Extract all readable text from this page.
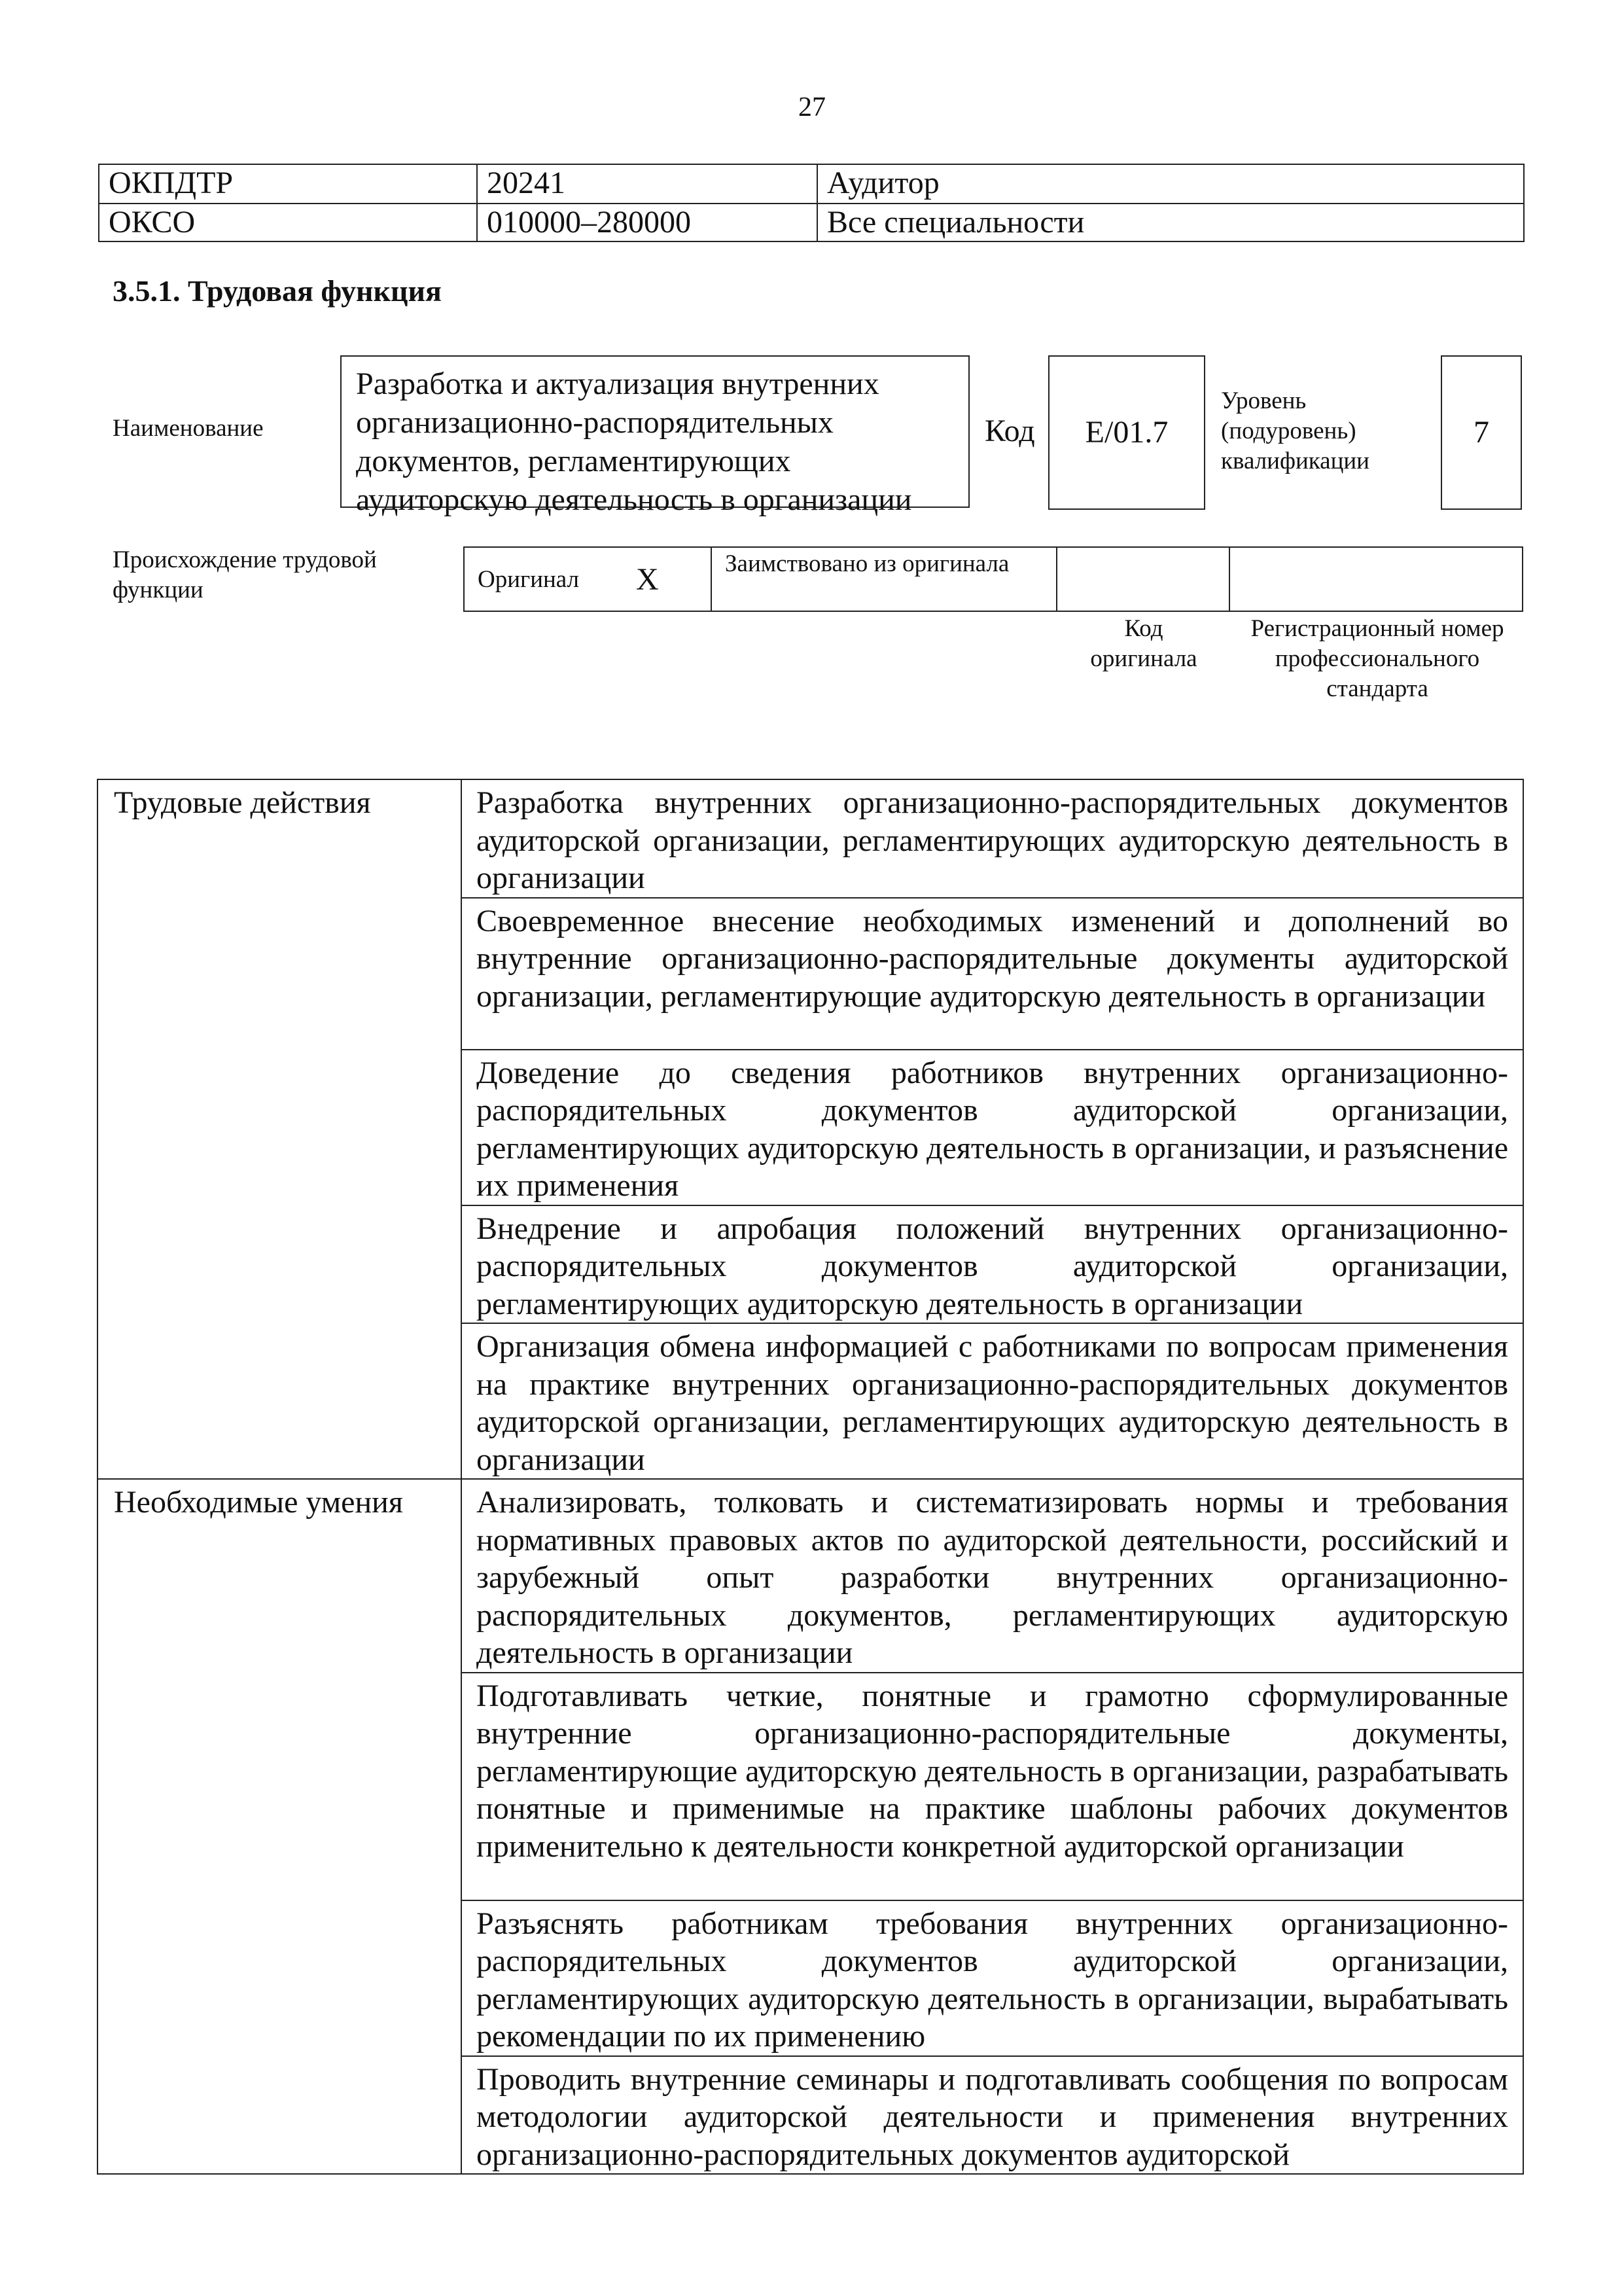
27
ОКПДТР	20241	Аудитор
ОКСО	010000–280000	Все специальности
3.5.1. Трудовая функция
Наименование
Разработка и актуализация внутренних организационно-распорядительных документов, регламентирующих аудиторскую деятельность в организации
Код	E/01.7
Уровень (подуровень) квалификации
7
Происхождение трудовой функции	Оригинал X	Заимствовано из оригинала
Код оригинала
Регистрационный номер профессионального стандарта
Трудовые действия	Разработка внутренних организационно-распорядительных документов аудиторской организации, регламентирующих аудиторскую деятельность в организации
	Своевременное внесение необходимых изменений и дополнений во внутренние организационно-распорядительные документы аудиторской организации, регламентирующие аудиторскую деятельность в организации
	Доведение до сведения работников внутренних организационно-распорядительных документов аудиторской организации, регламентирующих аудиторскую деятельность в организации, и разъяснение их применения
	Внедрение и апробация положений внутренних организационно-распорядительных документов аудиторской организации, регламентирующих аудиторскую деятельность в организации
	Организация обмена информацией с работниками по вопросам применения на практике внутренних организационно-распорядительных документов аудиторской организации, регламентирующих аудиторскую деятельность в организации
Необходимые умения	Анализировать, толковать и систематизировать нормы и требования нормативных правовых актов по аудиторской деятельности, российский и зарубежный опыт разработки внутренних организационно-распорядительных документов, регламентирующих аудиторскую деятельность в организации
	Подготавливать четкие, понятные и грамотно сформулированные внутренние организационно-распорядительные документы, регламентирующие аудиторскую деятельность в организации, разрабатывать понятные и применимые на практике шаблоны рабочих документов применительно к деятельности конкретной аудиторской организации
	Разъяснять работникам требования внутренних организационно-распорядительных документов аудиторской организации, регламентирующих аудиторскую деятельность в организации, вырабатывать рекомендации по их применению
	Проводить внутренние семинары и подготавливать сообщения по вопросам методологии аудиторской деятельности и применения внутренних организационно-распорядительных документов аудиторской
